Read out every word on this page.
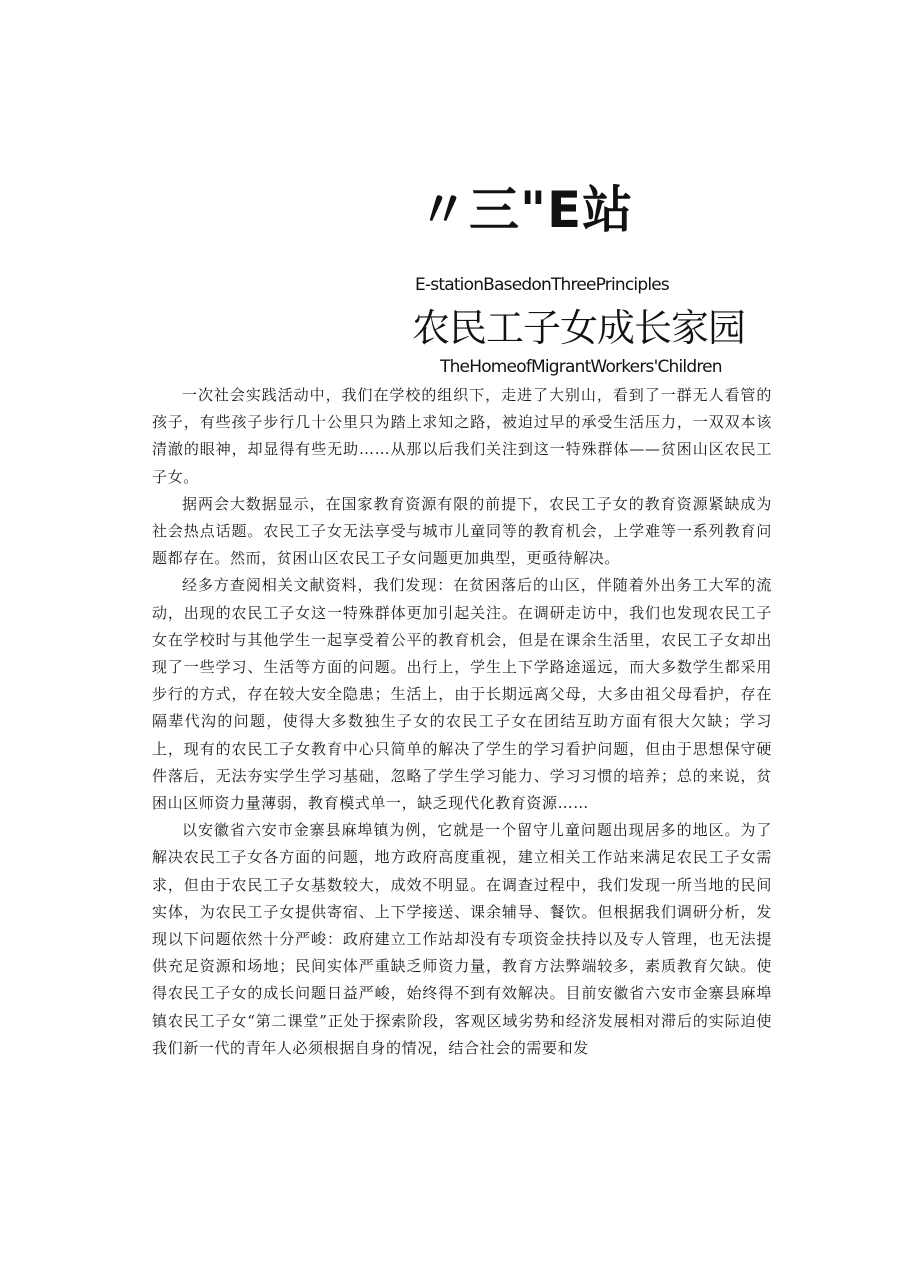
〃三"E站
E-stationBasedonThreePrinciples
农民工子女成长家园
TheHomeofMigrantWorkers'Children

一次社会实践活动中，我们在学校的组织下，走进了大别山，看到了一群无人看管的孩子，有些孩子步行几十公里只为踏上求知之路，被迫过早的承受生活压力，一双双本该清澈的眼神，却显得有些无助……从那以后我们关注到这一特殊群体——贫困山区农民工子女。

据两会大数据显示，在国家教育资源有限的前提下，农民工子女的教育资源紧缺成为社会热点话题。农民工子女无法享受与城市儿童同等的教育机会，上学难等一系列教育问题都存在。然而，贫困山区农民工子女问题更加典型，更亟待解决。

经多方查阅相关文献资料，我们发现：在贫困落后的山区，伴随着外出务工大军的流动，出现的农民工子女这一特殊群体更加引起关注。在调研走访中，我们也发现农民工子女在学校时与其他学生一起享受着公平的教育机会，但是在课余生活里，农民工子女却出现了一些学习、生活等方面的问题。出行上，学生上下学路途遥远，而大多数学生都采用步行的方式，存在较大安全隐患；生活上，由于长期远离父母，大多由祖父母看护，存在隔辈代沟的问题，使得大多数独生子女的农民工子女在团结互助方面有很大欠缺；学习上，现有的农民工子女教育中心只简单的解决了学生的学习看护问题，但由于思想保守硬件落后，无法夯实学生学习基础，忽略了学生学习能力、学习习惯的培养；总的来说，贫困山区师资力量薄弱，教育模式单一，缺乏现代化教育资源……

以安徽省六安市金寨县麻埠镇为例，它就是一个留守儿童问题出现居多的地区。为了解决农民工子女各方面的问题，地方政府高度重视，建立相关工作站来满足农民工子女需求，但由于农民工子女基数较大，成效不明显。在调查过程中，我们发现一所当地的民间实体，为农民工子女提供寄宿、上下学接送、课余辅导、餐饮。但根据我们调研分析，发现以下问题依然十分严峻：政府建立工作站却没有专项资金扶持以及专人管理，也无法提供充足资源和场地；民间实体严重缺乏师资力量，教育方法弊端较多，素质教育欠缺。使得农民工子女的成长问题日益严峻，始终得不到有效解决。目前安徽省六安市金寨县麻埠镇农民工子女“第二课堂”正处于探索阶段，客观区域劣势和经济发展相对滞后的实际迫使我们新一代的青年人必须根据自身的情况，结合社会的需要和发
